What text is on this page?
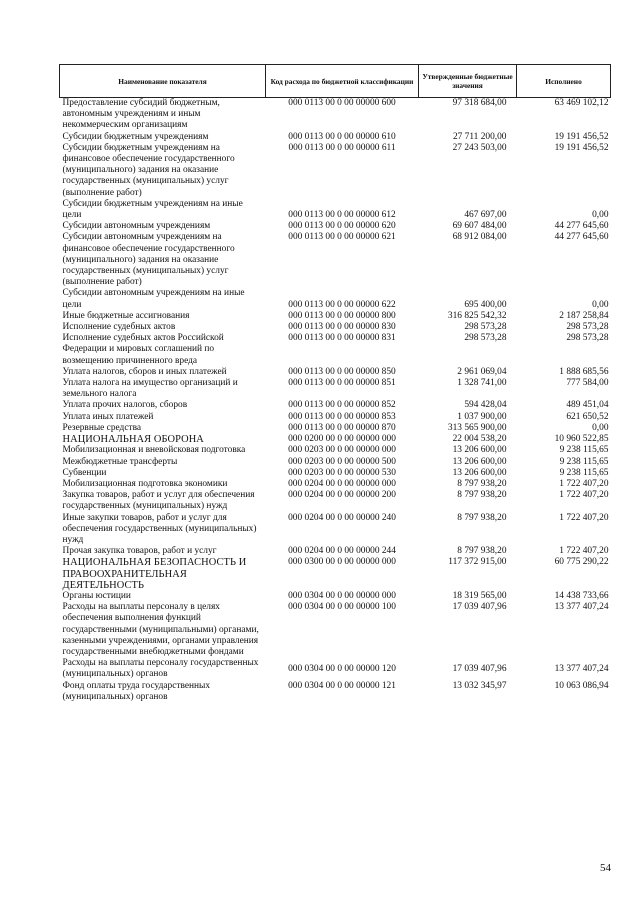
Наименование показателя	Код расхода по бюджетной классификации	Утвержденные бюджетные значения	Исполнено
Предоставление субсидий бюджетным, автономным учреждениям и иным некоммерческим организациям	000 0113 00 0 00 00000 600	97 318 684,00	63 469 102,12
Субсидии бюджетным учреждениям	000 0113 00 0 00 00000 610	27 711 200,00	19 191 456,52
Субсидии бюджетным учреждениям на финансовое обеспечение государственного (муниципального) задания на оказание государственных (муниципальных) услуг (выполнение работ)	000 0113 00 0 00 00000 611	27 243 503,00	19 191 456,52
Субсидии бюджетным учреждениям на иные цели	000 0113 00 0 00 00000 612	467 697,00	0,00
Субсидии автономным учреждениям	000 0113 00 0 00 00000 620	69 607 484,00	44 277 645,60
Субсидии автономным учреждениям на финансовое обеспечение государственного (муниципального) задания на оказание государственных (муниципальных) услуг (выполнение работ)	000 0113 00 0 00 00000 621	68 912 084,00	44 277 645,60
Субсидии автономным учреждениям на иные цели	000 0113 00 0 00 00000 622	695 400,00	0,00
Иные бюджетные ассигнования	000 0113 00 0 00 00000 800	316 825 542,32	2 187 258,84
Исполнение судебных актов	000 0113 00 0 00 00000 830	298 573,28	298 573,28
Исполнение судебных актов Российской Федерации и мировых соглашений по возмещению причиненного вреда	000 0113 00 0 00 00000 831	298 573,28	298 573,28
Уплата налогов, сборов и иных платежей	000 0113 00 0 00 00000 850	2 961 069,04	1 888 685,56
Уплата налога на имущество организаций и земельного налога	000 0113 00 0 00 00000 851	1 328 741,00	777 584,00
Уплата прочих налогов, сборов	000 0113 00 0 00 00000 852	594 428,04	489 451,04
Уплата иных платежей	000 0113 00 0 00 00000 853	1 037 900,00	621 650,52
Резервные средства	000 0113 00 0 00 00000 870	313 565 900,00	0,00
НАЦИОНАЛЬНАЯ ОБОРОНА	000 0200 00 0 00 00000 000	22 004 538,20	10 960 522,85
Мобилизационная и вневойсковая подготовка	000 0203 00 0 00 00000 000	13 206 600,00	9 238 115,65
Межбюджетные трансферты	000 0203 00 0 00 00000 500	13 206 600,00	9 238 115,65
Субвенции	000 0203 00 0 00 00000 530	13 206 600,00	9 238 115,65
Мобилизационная подготовка экономики	000 0204 00 0 00 00000 000	8 797 938,20	1 722 407,20
Закупка товаров, работ и услуг для обеспечения государственных (муниципальных) нужд	000 0204 00 0 00 00000 200	8 797 938,20	1 722 407,20
Иные закупки товаров, работ и услуг для обеспечения государственных (муниципальных) нужд	000 0204 00 0 00 00000 240	8 797 938,20	1 722 407,20
Прочая закупка товаров, работ и услуг	000 0204 00 0 00 00000 244	8 797 938,20	1 722 407,20
НАЦИОНАЛЬНАЯ БЕЗОПАСНОСТЬ И ПРАВООХРАНИТЕЛЬНАЯ ДЕЯТЕЛЬНОСТЬ	000 0300 00 0 00 00000 000	117 372 915,00	60 775 290,22
Органы юстиции	000 0304 00 0 00 00000 000	18 319 565,00	14 438 733,66
Расходы на выплаты персоналу в целях обеспечения выполнения функций государственными (муниципальными) органами, казенными учреждениями, органами управления государственными внебюджетными фондами	000 0304 00 0 00 00000 100	17 039 407,96	13 377 407,24
Расходы на выплаты персоналу государственных (муниципальных) органов	000 0304 00 0 00 00000 120	17 039 407,96	13 377 407,24
Фонд оплаты труда государственных (муниципальных) органов	000 0304 00 0 00 00000 121	13 032 345,97	10 063 086,94
54
